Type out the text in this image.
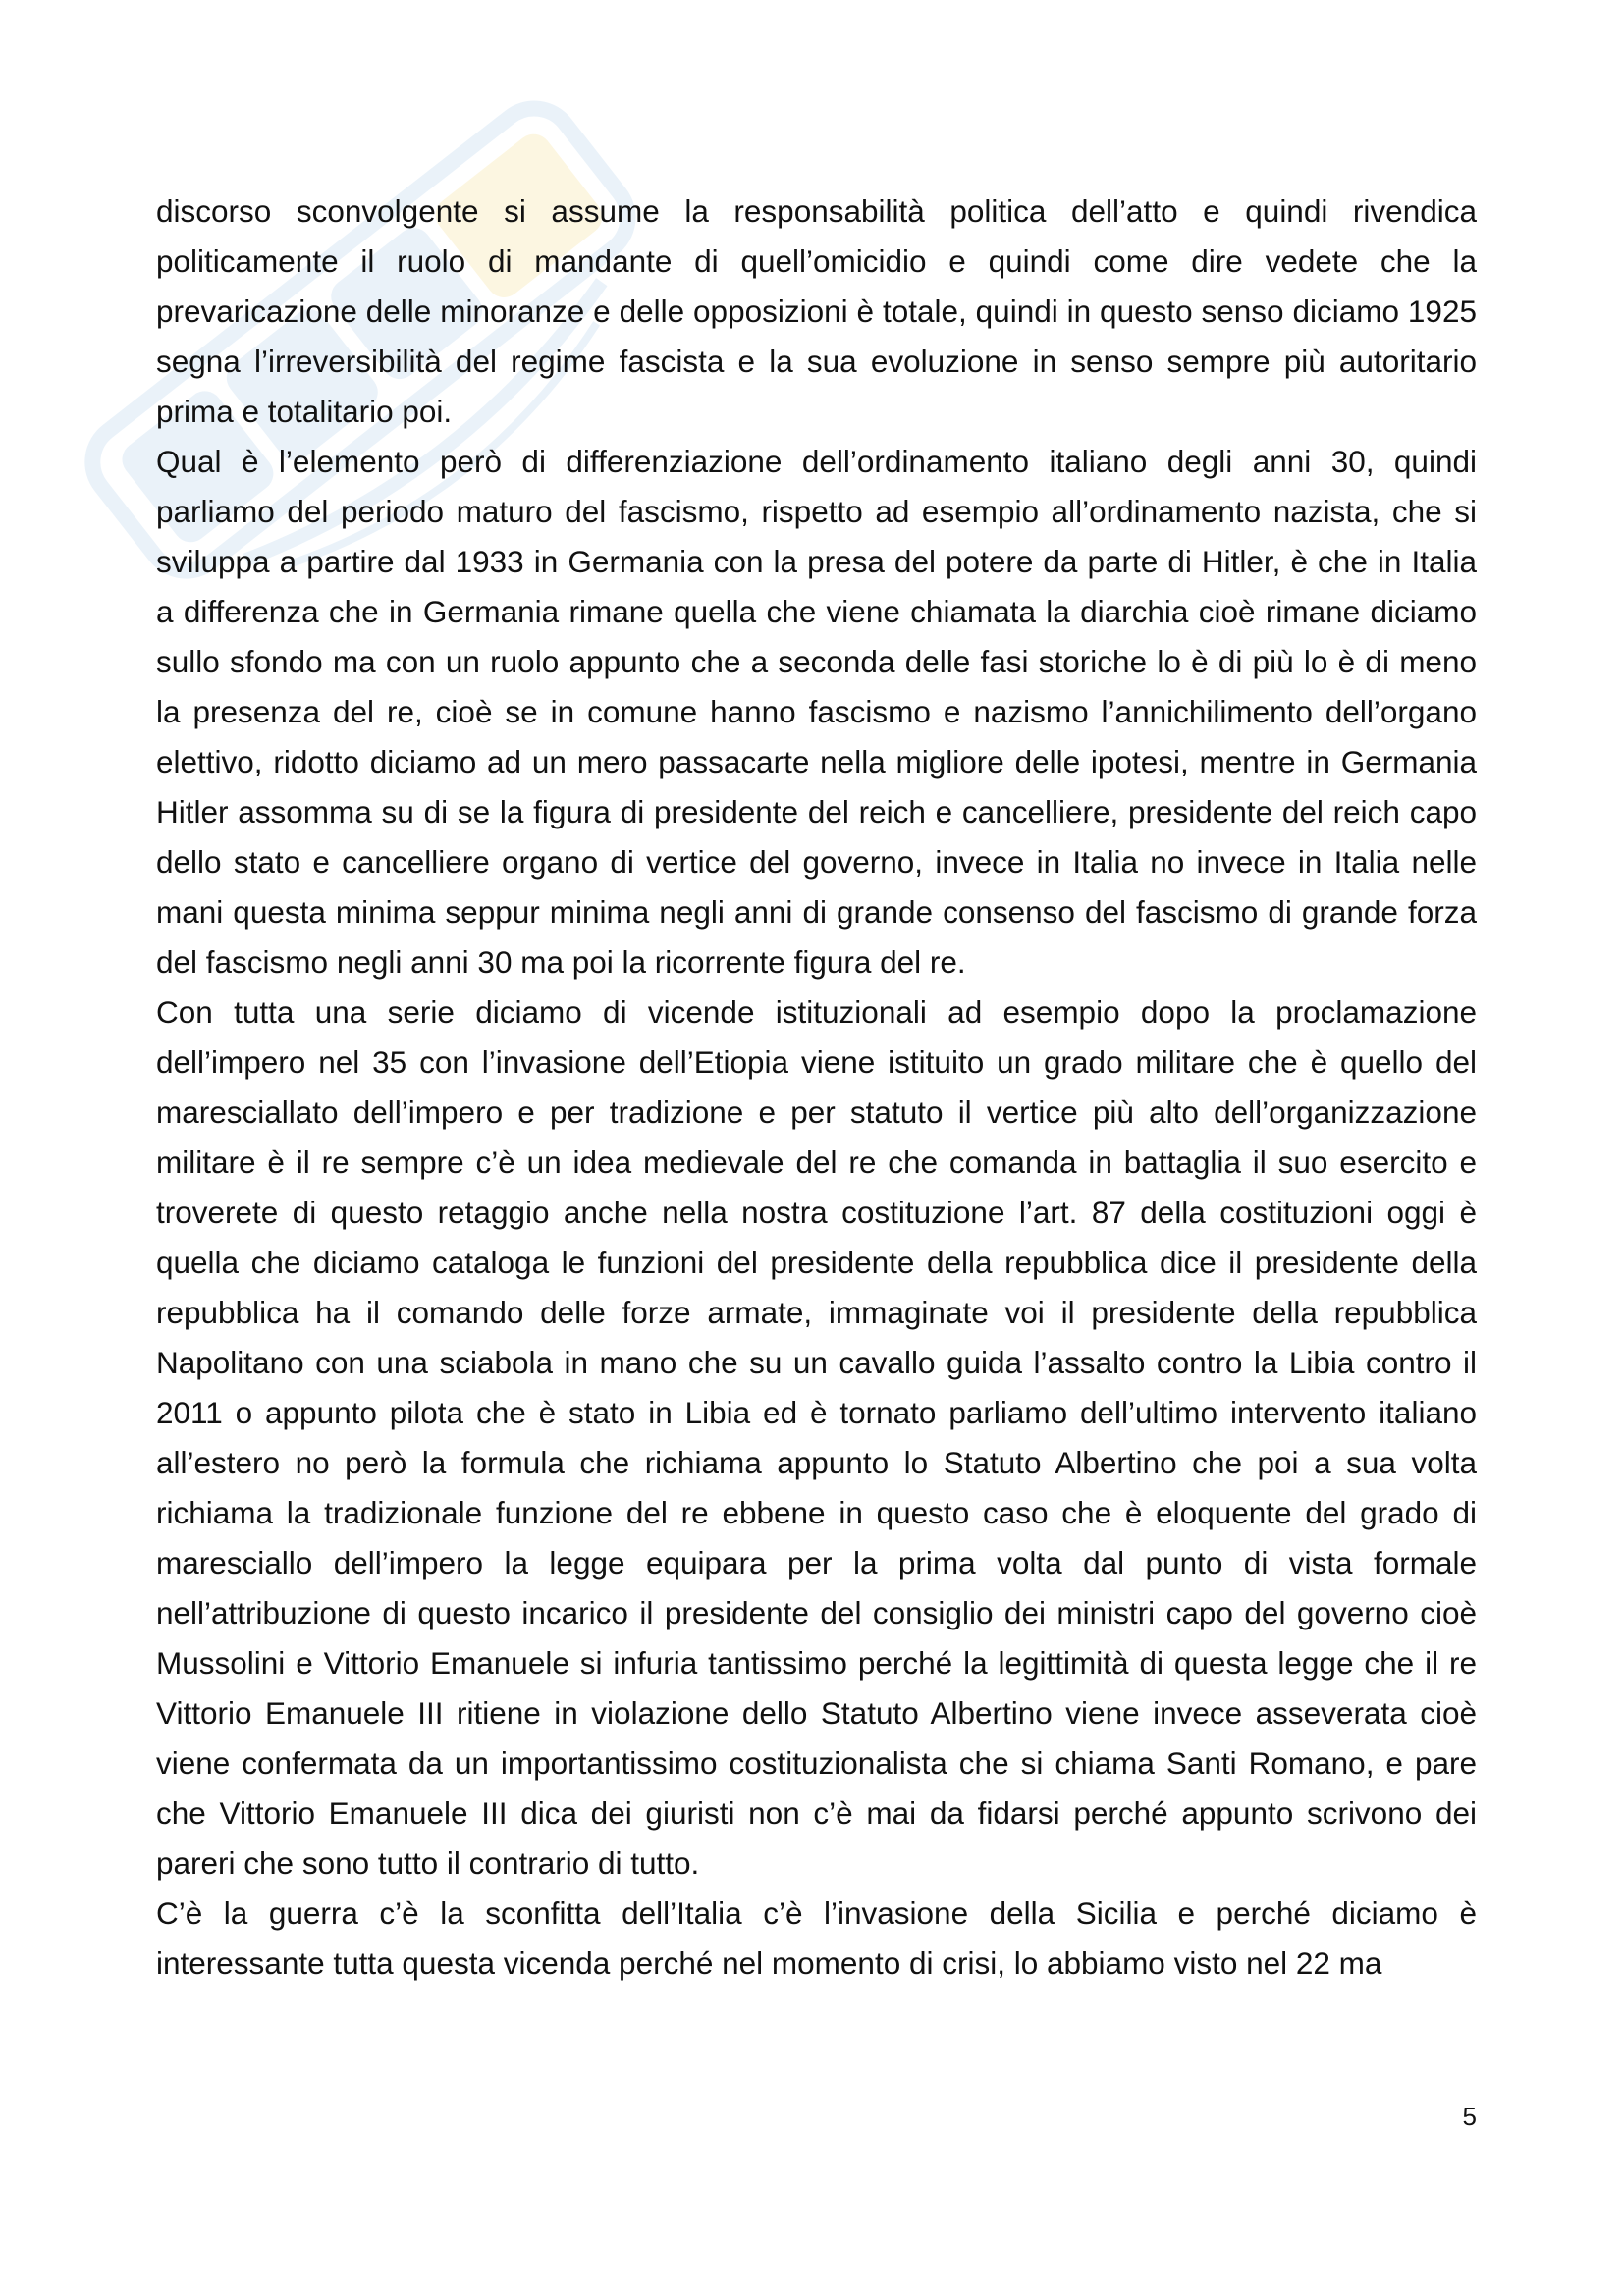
discorso sconvolgente si assume la responsabilità politica dell’atto e quindi rivendica politicamente il ruolo di mandante di quell’omicidio e quindi come dire vedete che la prevaricazione delle minoranze e delle opposizioni è totale, quindi in questo senso diciamo 1925 segna l’irreversibilità del regime fascista e la sua evoluzione in senso sempre più autoritario prima e totalitario poi.

Qual è l’elemento però di differenziazione dell’ordinamento italiano degli anni 30, quindi parliamo del periodo maturo del fascismo, rispetto ad esempio all’ordinamento nazista, che si sviluppa a partire dal 1933 in Germania con la presa del potere da parte di Hitler, è che in Italia a differenza che in Germania rimane quella che viene chiamata la diarchia cioè rimane diciamo sullo sfondo ma con un ruolo appunto che a seconda delle fasi storiche lo è di più lo è di meno la presenza del re, cioè se in comune hanno fascismo e nazismo l’annichilimento dell’organo elettivo, ridotto diciamo ad un mero passacarte nella migliore delle ipotesi, mentre in Germania Hitler assomma su di se la figura di presidente del reich e cancelliere, presidente del reich capo dello stato e cancelliere organo di vertice del governo, invece in Italia no invece in Italia nelle mani questa minima seppur minima negli anni di grande consenso del fascismo di grande forza del fascismo negli anni 30 ma poi la ricorrente figura del re.

Con tutta una serie diciamo di vicende istituzionali ad esempio dopo la proclamazione dell’impero nel 35 con l’invasione dell’Etiopia viene istituito un grado militare che è quello del maresciallato dell’impero e per tradizione e per statuto il vertice più alto dell’organizzazione militare è il re sempre c’è un idea medievale del re che comanda in battaglia il suo esercito e troverete di questo retaggio anche nella nostra costituzione l’art. 87 della costituzioni oggi è quella che diciamo cataloga le funzioni del presidente della repubblica dice il presidente della repubblica ha il comando delle forze armate, immaginate voi il presidente della repubblica Napolitano con una sciabola in mano che su un cavallo guida l’assalto contro la Libia contro il 2011 o appunto pilota che è stato in Libia ed è tornato parliamo dell’ultimo intervento italiano all’estero no però la formula che richiama appunto lo Statuto Albertino che poi a sua volta richiama la tradizionale funzione del re ebbene in questo caso che è eloquente del grado di maresciallo dell’impero la legge equipara per la prima volta dal punto di vista formale nell’attribuzione di questo incarico il presidente del consiglio dei ministri capo del governo cioè Mussolini e Vittorio Emanuele si infuria tantissimo perché la legittimità di questa legge che il re Vittorio Emanuele III ritiene in violazione dello Statuto Albertino viene invece asseverata cioè viene confermata da un importantissimo costituzionalista che si chiama Santi Romano, e pare che Vittorio Emanuele III dica dei giuristi non c’è mai da fidarsi perché appunto scrivono dei pareri che sono tutto il contrario di tutto.

C’è la guerra c’è la sconfitta dell’Italia c’è l’invasione della Sicilia e perché diciamo è interessante tutta questa vicenda perché nel momento di crisi, lo abbiamo visto nel 22 ma

5
